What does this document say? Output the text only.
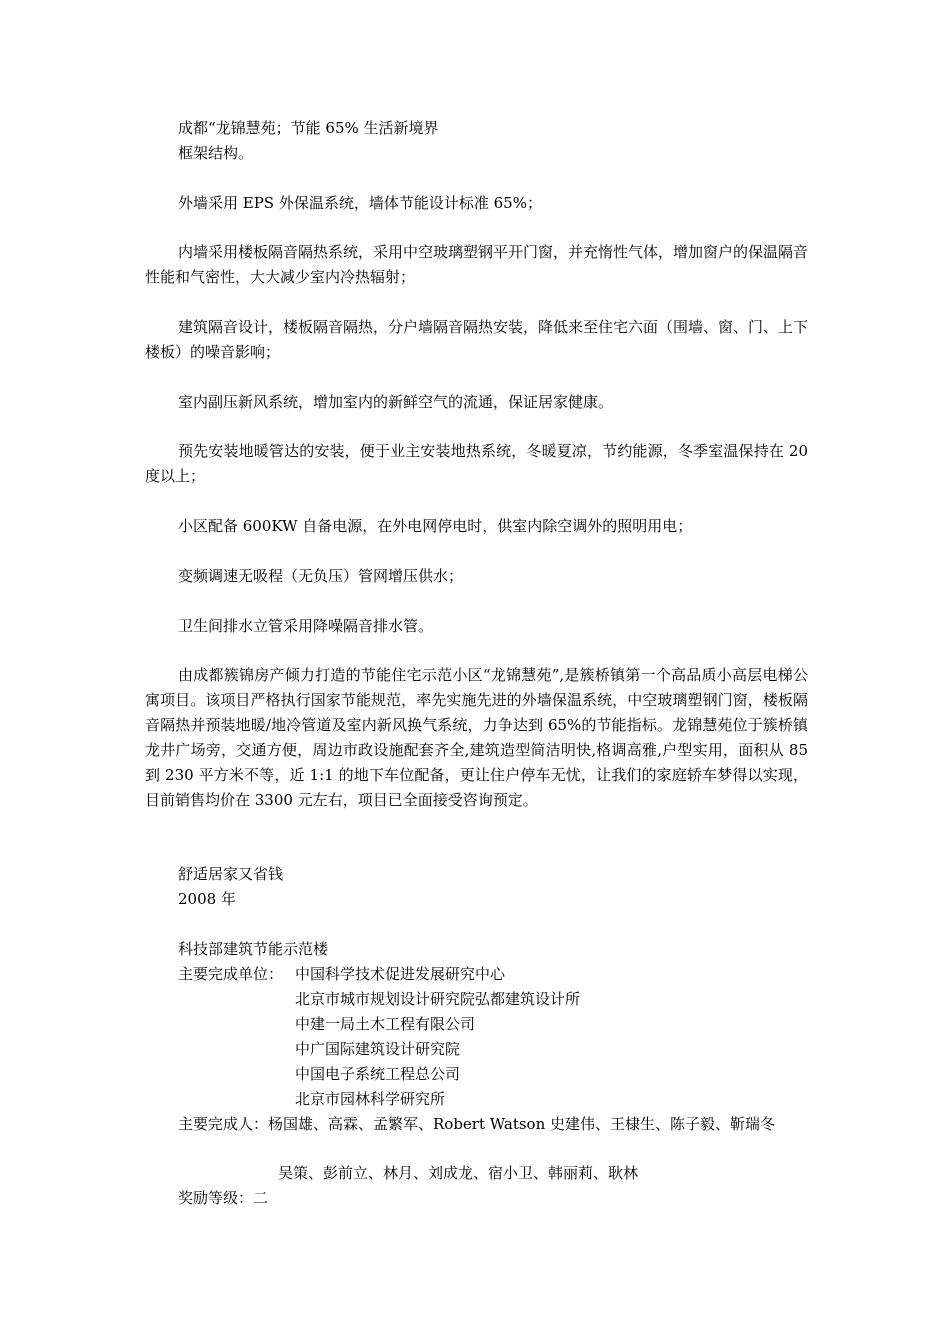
成都“龙锦慧苑；节能 65% 生活新境界
框架结构。
外墙采用 EPS 外保温系统，墙体节能设计标准 65%；
内墙采用楼板隔音隔热系统，采用中空玻璃塑钢平开门窗，并充惰性气体，增加窗户的保温隔音性能和气密性，大大减少室内冷热辐射；
建筑隔音设计，楼板隔音隔热，分户墙隔音隔热安装，降低来至住宅六面（围墙、窗、门、上下楼板）的噪音影响；
室内副压新风系统，增加室内的新鲜空气的流通，保证居家健康。
预先安装地暖管达的安装，便于业主安装地热系统，冬暖夏凉，节约能源，冬季室温保持在 20 度以上；
小区配备 600KW 自备电源，在外电网停电时，供室内除空调外的照明用电；
变频调速无吸程（无负压）管网增压供水；
卫生间排水立管采用降噪隔音排水管。
由成都簇锦房产倾力打造的节能住宅示范小区“龙锦慧苑”,是簇桥镇第一个高品质小高层电梯公寓项目。该项目严格执行国家节能规范，率先实施先进的外墙保温系统，中空玻璃塑钢门窗，楼板隔音隔热并预装地暖/地冷管道及室内新风换气系统，力争达到 65%的节能指标。龙锦慧苑位于簇桥镇龙井广场旁，交通方便，周边市政设施配套齐全,建筑造型简洁明快,格调高雅,户型实用，面积从 85 到 230 平方米不等，近 1:1 的地下车位配备，更让住户停车无忧，让我们的家庭轿车梦得以实现，目前销售均价在 3300 元左右，项目已全面接受咨询预定。
舒适居家又省钱
2008 年
科技部建筑节能示范楼
主要完成单位： 中国科学技术促进发展研究中心
北京市城市规划设计研究院弘都建筑设计所
中建一局土木工程有限公司
中广国际建筑设计研究院
中国电子系统工程总公司
北京市园林科学研究所
主要完成人：杨国雄、高霖、孟繁军、Robert Watson 史建伟、王棣生、陈子毅、靳瑞冬
吴策、彭前立、林月、刘成龙、宿小卫、韩丽莉、耿林
奖励等级：二
